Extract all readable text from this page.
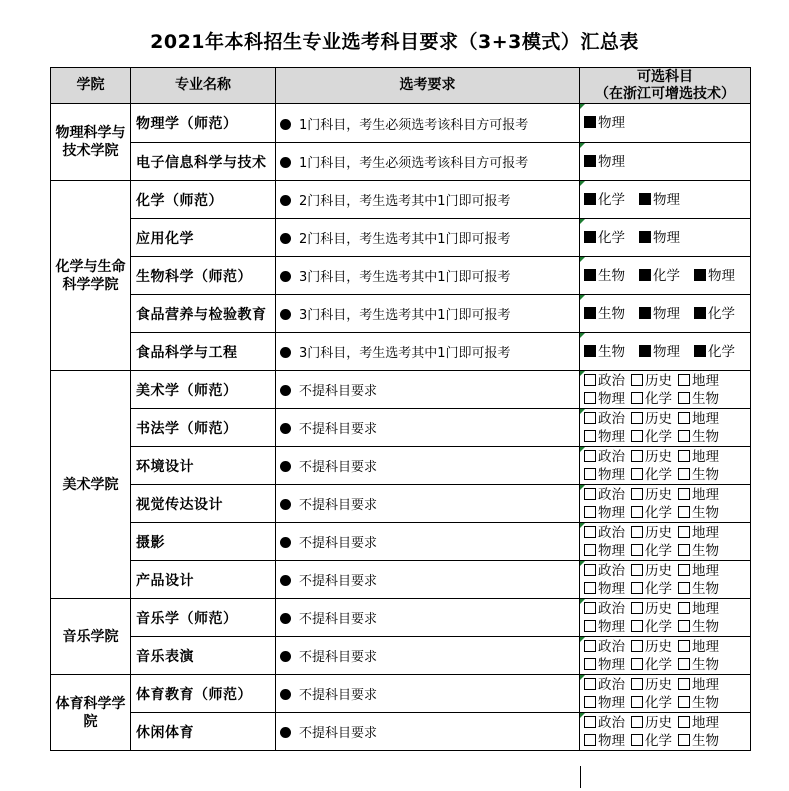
2021年本科招生专业选考科目要求（3+3模式）汇总表
学院	专业名称	选考要求	可选科目
（在浙江可增选技术）
物理科学与技术学院	物理学（师范）	1门科目，考生必须选考该科目方可报考	物理
	电子信息科学与技术	1门科目，考生必须选考该科目方可报考	物理
化学与生命科学学院	化学（师范）	2门科目，考生选考其中1门即可报考	化学 物理
	应用化学	2门科目，考生选考其中1门即可报考	化学 物理
	生物科学（师范）	3门科目，考生选考其中1门即可报考	生物 化学 物理
	食品营养与检验教育	3门科目，考生选考其中1门即可报考	生物 物理 化学
	食品科学与工程	3门科目，考生选考其中1门即可报考	生物 物理 化学
美术学院	美术学（师范）	不提科目要求	政治 历史 地理
物理 化学 生物

	书法学（师范）	不提科目要求	政治 历史 地理
物理 化学 生物

	环境设计	不提科目要求	政治 历史 地理
物理 化学 生物

	视觉传达设计	不提科目要求	政治 历史 地理
物理 化学 生物

	摄影	不提科目要求	政治 历史 地理
物理 化学 生物

	产品设计	不提科目要求	政治 历史 地理
物理 化学 生物

音乐学院	音乐学（师范）	不提科目要求	政治 历史 地理
物理 化学 生物

	音乐表演	不提科目要求	政治 历史 地理
物理 化学 生物

体育科学学院	体育教育（师范）	不提科目要求	政治 历史 地理
物理 化学 生物

	休闲体育	不提科目要求	政治 历史 地理
物理 化学 生物
